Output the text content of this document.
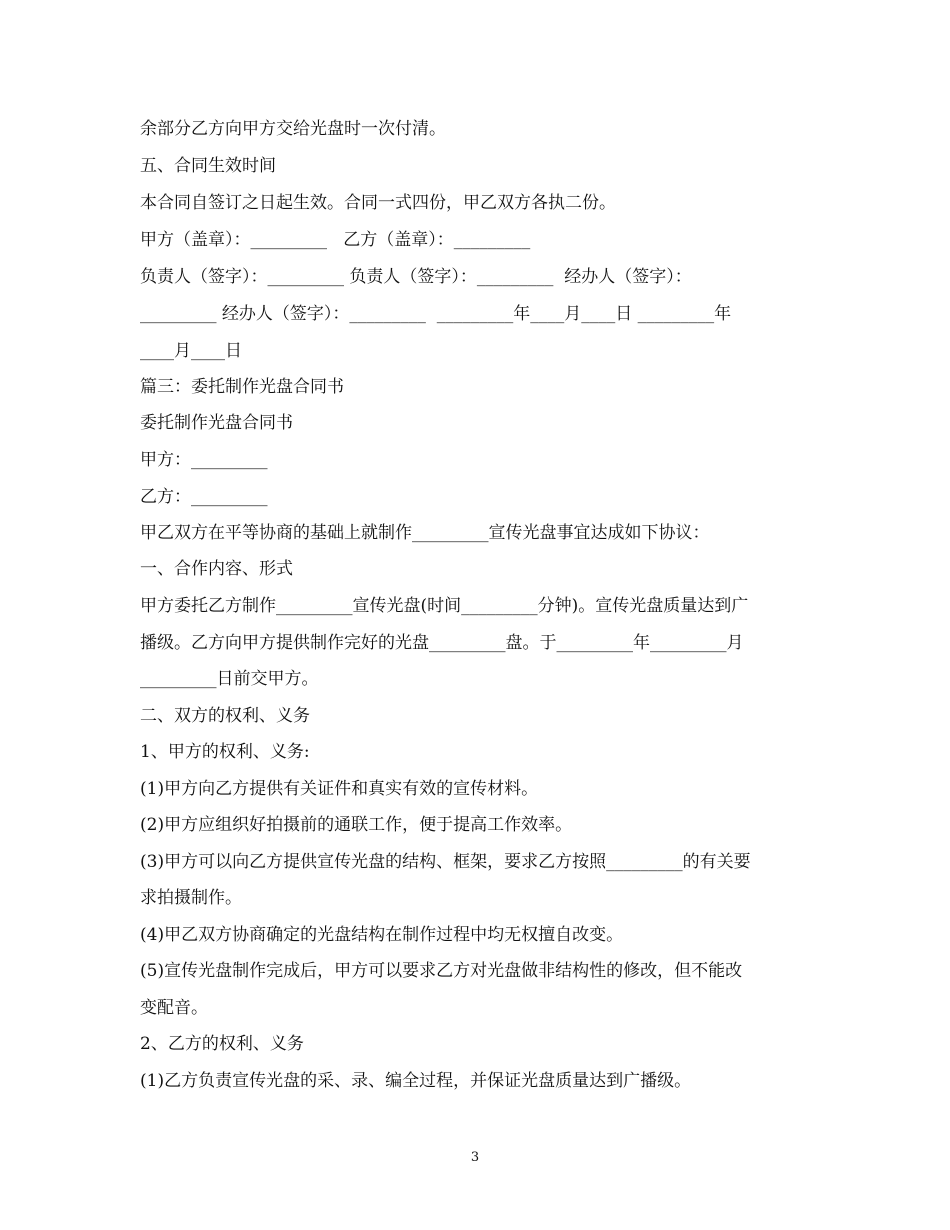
余部分乙方向甲方交给光盘时一次付清。
五、合同生效时间
本合同自签订之日起生效。合同一式四份，甲乙双方各执二份。
甲方（盖章）：_________   乙方（盖章）：_________
负责人（签字）：_________ 负责人（签字）：_________  经办人（签字）：
_________ 经办人（签字）：_________  _________年____月____日 _________年
____月____日
篇三：委托制作光盘合同书
委托制作光盘合同书
甲方：_________
乙方：_________
甲乙双方在平等协商的基础上就制作_________宣传光盘事宜达成如下协议：
一、合作内容、形式
甲方委托乙方制作_________宣传光盘(时间_________分钟)。宣传光盘质量达到广
播级。乙方向甲方提供制作完好的光盘_________盘。于_________年_________月
_________日前交甲方。
二、双方的权利、义务
1、甲方的权利、义务:
(1)甲方向乙方提供有关证件和真实有效的宣传材料。
(2)甲方应组织好拍摄前的通联工作，便于提高工作效率。
(3)甲方可以向乙方提供宣传光盘的结构、框架，要求乙方按照_________的有关要
求拍摄制作。
(4)甲乙双方协商确定的光盘结构在制作过程中均无权擅自改变。
(5)宣传光盘制作完成后，甲方可以要求乙方对光盘做非结构性的修改，但不能改
变配音。
2、乙方的权利、义务
(1)乙方负责宣传光盘的采、录、编全过程，并保证光盘质量达到广播级。
3
